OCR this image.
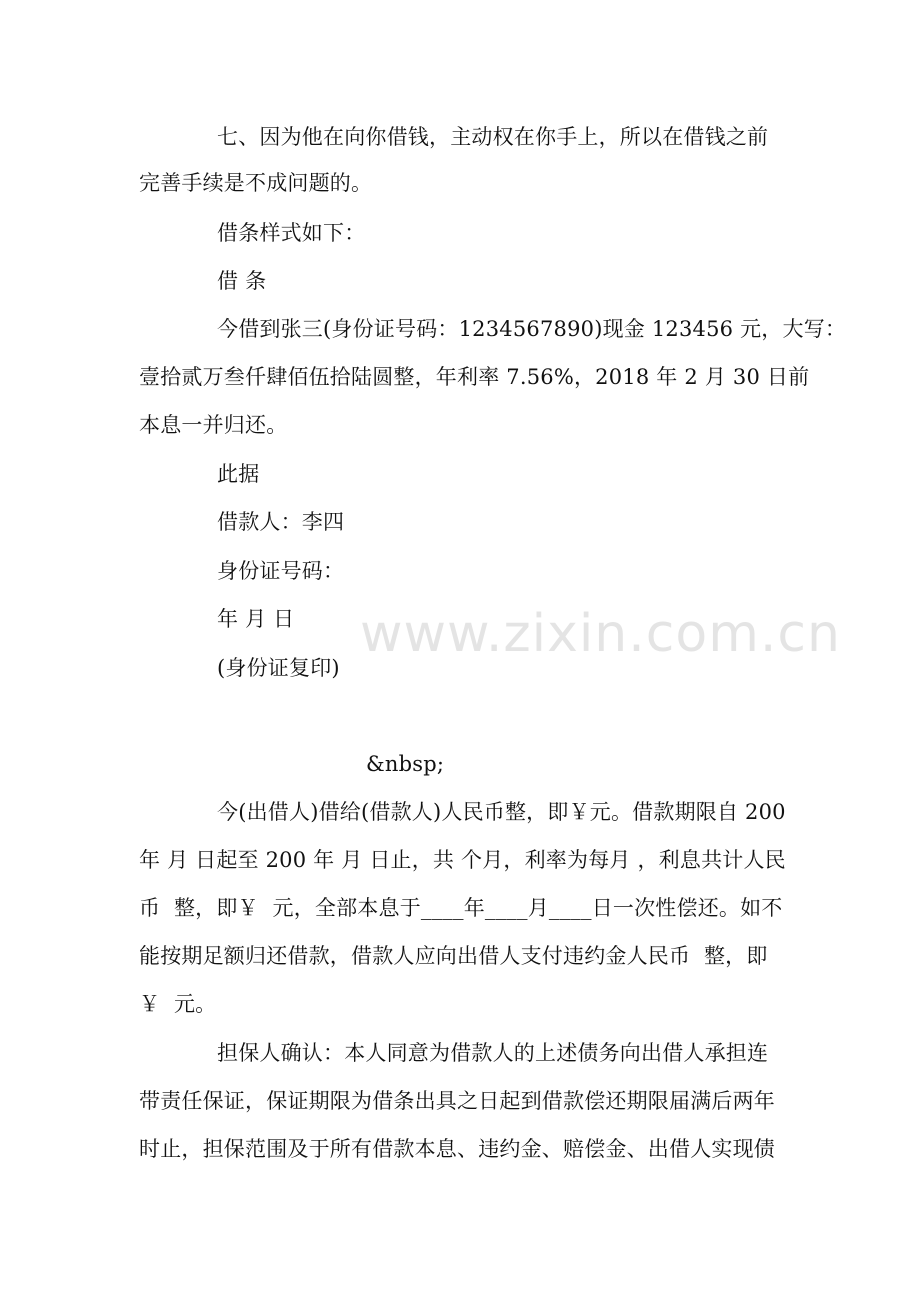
www.zixin.com.cn
七、因为他在向你借钱，主动权在你手上，所以在借钱之前
完善手续是不成问题的。
借条样式如下：
借 条
今借到张三(身份证号码：1234567890)现金 123456 元，大写：
壹拾贰万叁仟肆佰伍拾陆圆整，年利率 7.56%，2018 年 2 月 30 日前
本息一并归还。
此据
借款人：李四
身份证号码：
年 月 日
(身份证复印)
&nbsp;
今(出借人)借给(借款人)人民币整，即￥元。借款期限自 200
年 月 日起至 200 年 月 日止，共 个月，利率为每月 ，利息共计人民
币  整，即￥  元，全部本息于____年____月____日一次性偿还。如不
能按期足额归还借款，借款人应向出借人支付违约金人民币  整，即
￥  元。
担保人确认：本人同意为借款人的上述债务向出借人承担连
带责任保证，保证期限为借条出具之日起到借款偿还期限届满后两年
时止，担保范围及于所有借款本息、违约金、赔偿金、出借人实现债
